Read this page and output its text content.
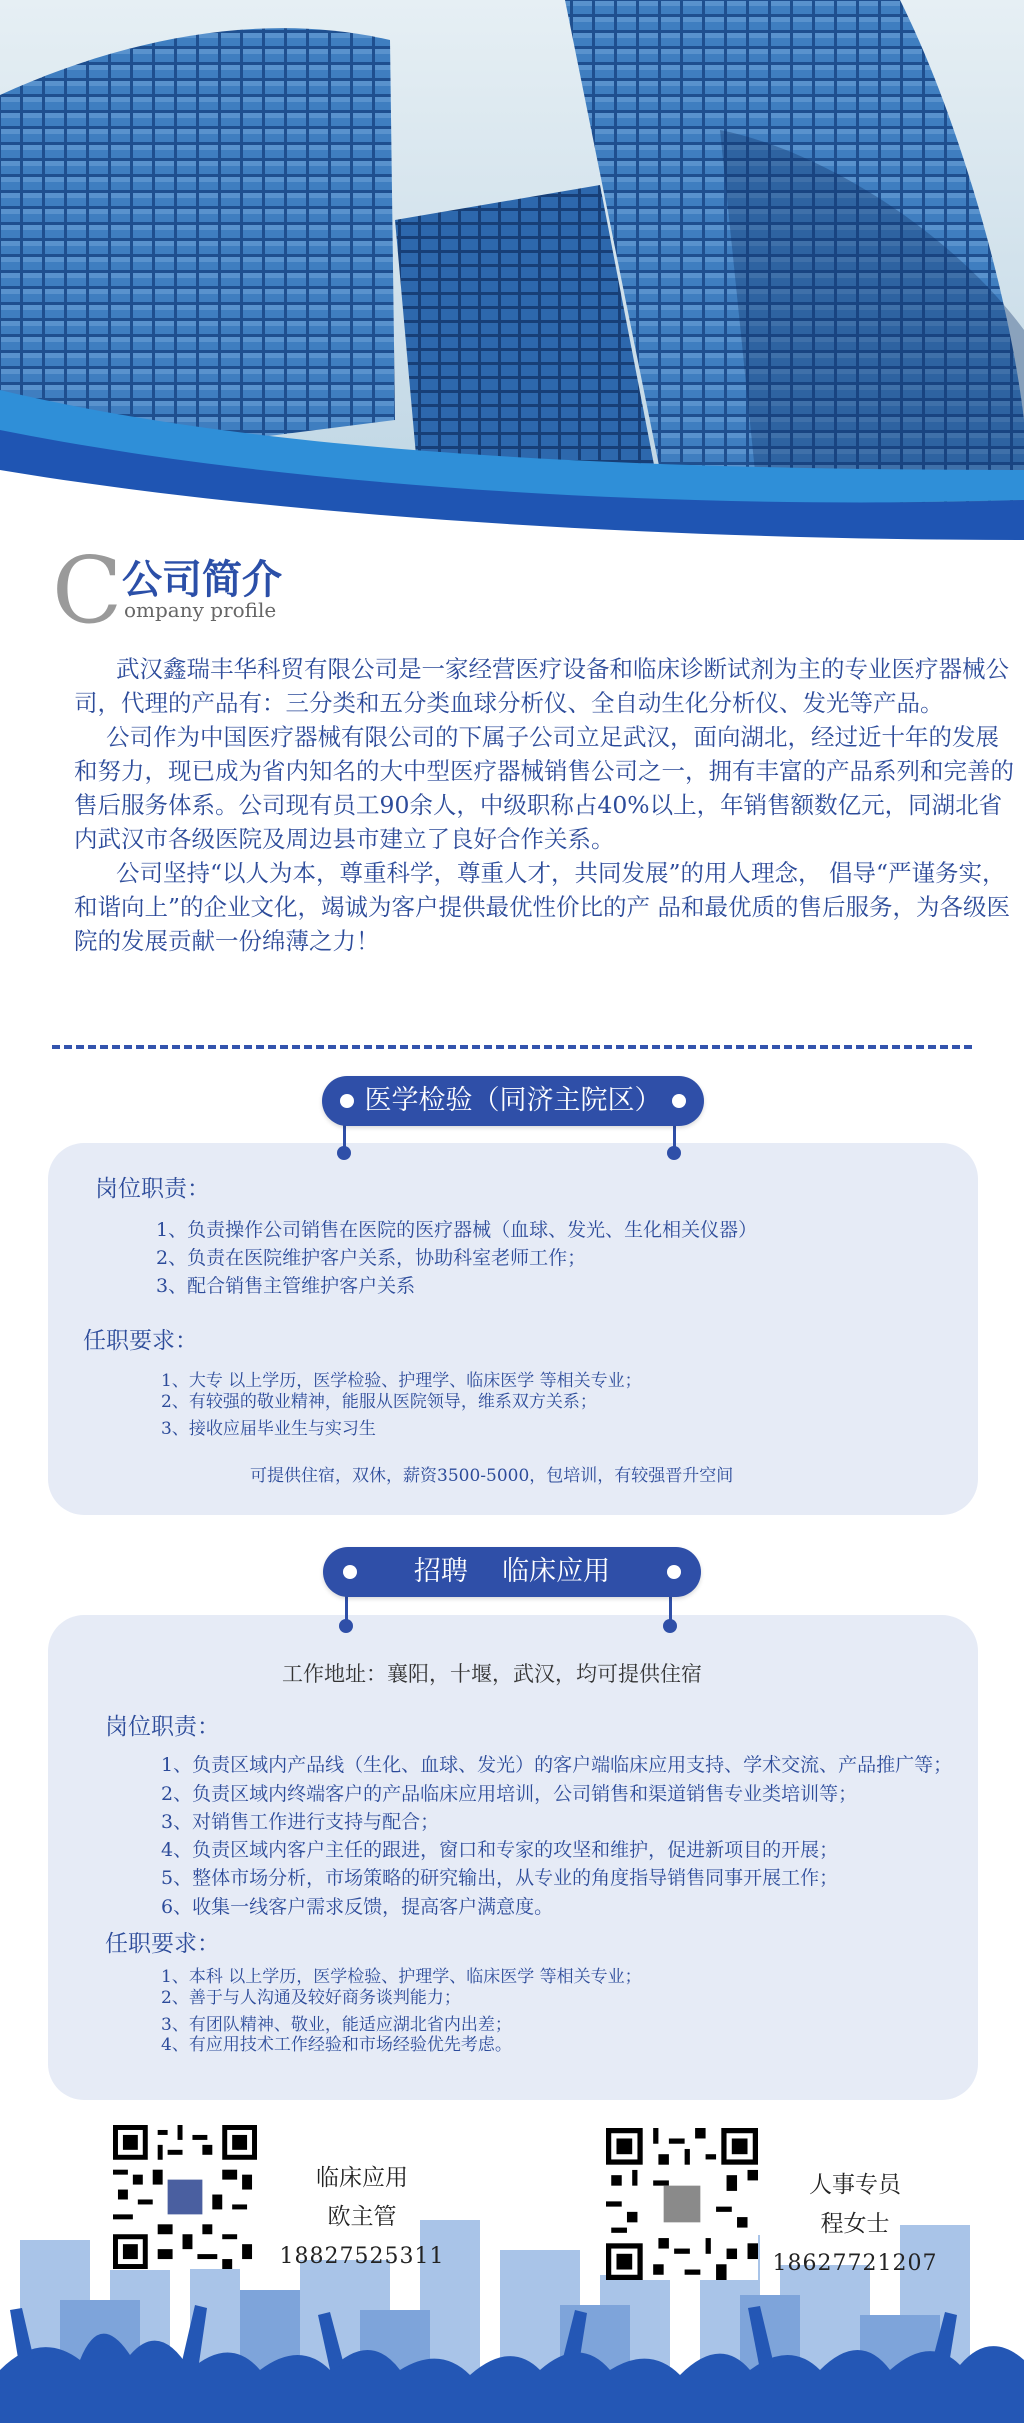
C 公司简介
ompany profile

武汉鑫瑞丰华科贸有限公司是一家经营医疗设备和临床诊断试剂为主的专业医疗器械公司，代理的产品有：三分类和五分类血球分析仪、全自动生化分析仪、发光等产品。

公司作为中国医疗器械有限公司的下属子公司立足武汉，面向湖北，经过近十年的发展和努力，现已成为省内知名的大中型医疗器械销售公司之一，拥有丰富的产品系列和完善的售后服务体系。公司现有员工90余人，中级职称占40%以上，年销售额数亿元，同湖北省内武汉市各级医院及周边县市建立了良好合作关系。

公司坚持“以人为本，尊重科学，尊重人才，共同发展”的用人理念， 倡导“严谨务实，和谐向上”的企业文化，竭诚为客户提供最优性价比的产 品和最优质的售后服务，为各级医院的发展贡献一份绵薄之力！

医学检验（同济主院区）
岗位职责：
1、负责操作公司销售在医院的医疗器械（血球、发光、生化相关仪器）
2、负责在医院维护客户关系，协助科室老师工作；
3、配合销售主管维护客户关系
任职要求：
1、大专 以上学历，医学检验、护理学、临床医学 等相关专业；
2、有较强的敬业精神，能服从医院领导，维系双方关系；
3、接收应届毕业生与实习生
可提供住宿，双休，薪资3500-5000，包培训，有较强晋升空间
招聘    临床应用
工作地址：襄阳，十堰，武汉，均可提供住宿
岗位职责：
1、负责区域内产品线（生化、血球、发光）的客户端临床应用支持、学术交流、产品推广等；
2、负责区域内终端客户的产品临床应用培训，公司销售和渠道销售专业类培训等；
3、对销售工作进行支持与配合；
4、负责区域内客户主任的跟进，窗口和专家的攻坚和维护，促进新项目的开展；
5、整体市场分析，市场策略的研究输出，从专业的角度指导销售同事开展工作；
6、收集一线客户需求反馈，提高客户满意度。
任职要求：
1、本科 以上学历，医学检验、护理学、临床医学 等相关专业；
2、善于与人沟通及较好商务谈判能力；
3、有团队精神、敬业，能适应湖北省内出差；
4、有应用技术工作经验和市场经验优先考虑。
临床应用
欧主管
18827525311
人事专员
程女士
18627721207
